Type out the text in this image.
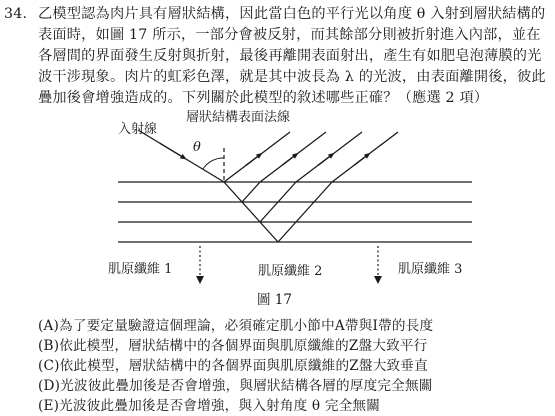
34. 乙模型認為肉片具有層狀結構，因此當白色的平行光以角度 θ 入射到層狀結構的
表面時，如圖 17 所示，一部分會被反射，而其餘部分則被折射進入內部，並在
各層間的界面發生反射與折射，最後再離開表面射出，產生有如肥皂泡薄膜的光
波干涉現象。肉片的虹彩色澤，就是其中波長為 λ 的光波，由表面離開後，彼此
疊加後會增強造成的。下列關於此模型的敘述哪些正確？（應選 2 項）
入射線
層狀結構表面法線
θ
肌原纖維 1	肌原纖維 2	肌原纖維 3
圖 17
(A)為了要定量驗證這個理論，必須確定肌小節中A帶與I帶的長度
(B)依此模型，層狀結構中的各個界面與肌原纖維的Z盤大致平行
(C)依此模型，層狀結構中的各個界面與肌原纖維的Z盤大致垂直
(D)光波彼此疊加後是否會增強，與層狀結構各層的厚度完全無關
(E)光波彼此疊加後是否會增強，與入射角度 θ 完全無關
